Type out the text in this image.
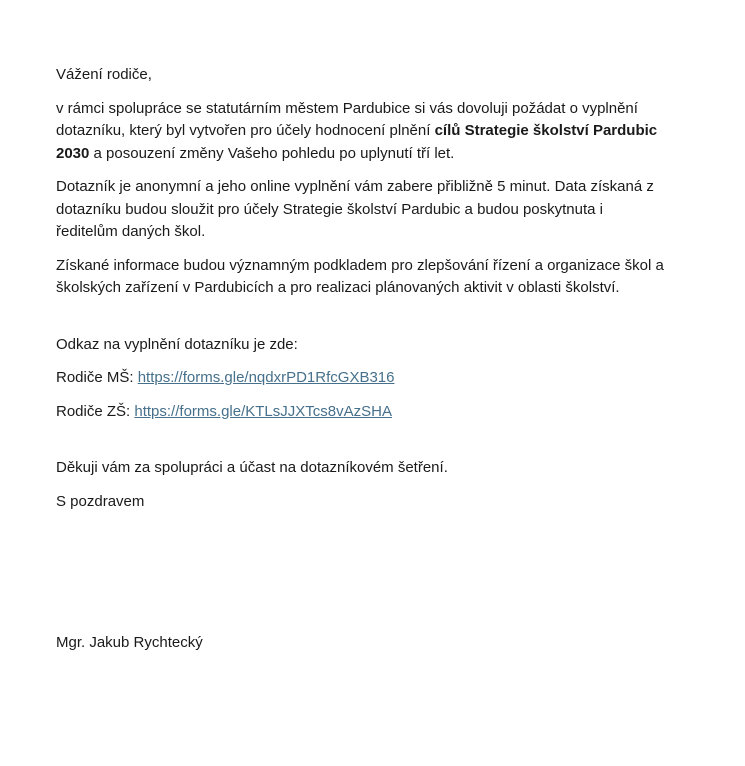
Vážení rodiče,

v rámci spolupráce se statutárním městem Pardubice si vás dovoluji požádat o vyplnění dotazníku, který byl vytvořen pro účely hodnocení plnění cílů Strategie školství Pardubic 2030 a posouzení změny Vašeho pohledu po uplynutí tří let.

Dotazník je anonymní a jeho online vyplnění vám zabere přibližně 5 minut. Data získaná z dotazníku budou sloužit pro účely Strategie školství Pardubic a budou poskytnuta i ředitelům daných škol.

Získané informace budou významným podkladem pro zlepšování řízení a organizace škol a školských zařízení v Pardubicích a pro realizaci plánovaných aktivit v oblasti školství.

Odkaz na vyplnění dotazníku je zde:

Rodiče MŠ: https://forms.gle/nqdxrPD1RfcGXB316

Rodiče ZŠ: https://forms.gle/KTLsJJXTcs8vAzSHA

Děkuji vám za spolupráci a účast na dotazníkovém šetření.

S pozdravem

Mgr. Jakub Rychtecký
